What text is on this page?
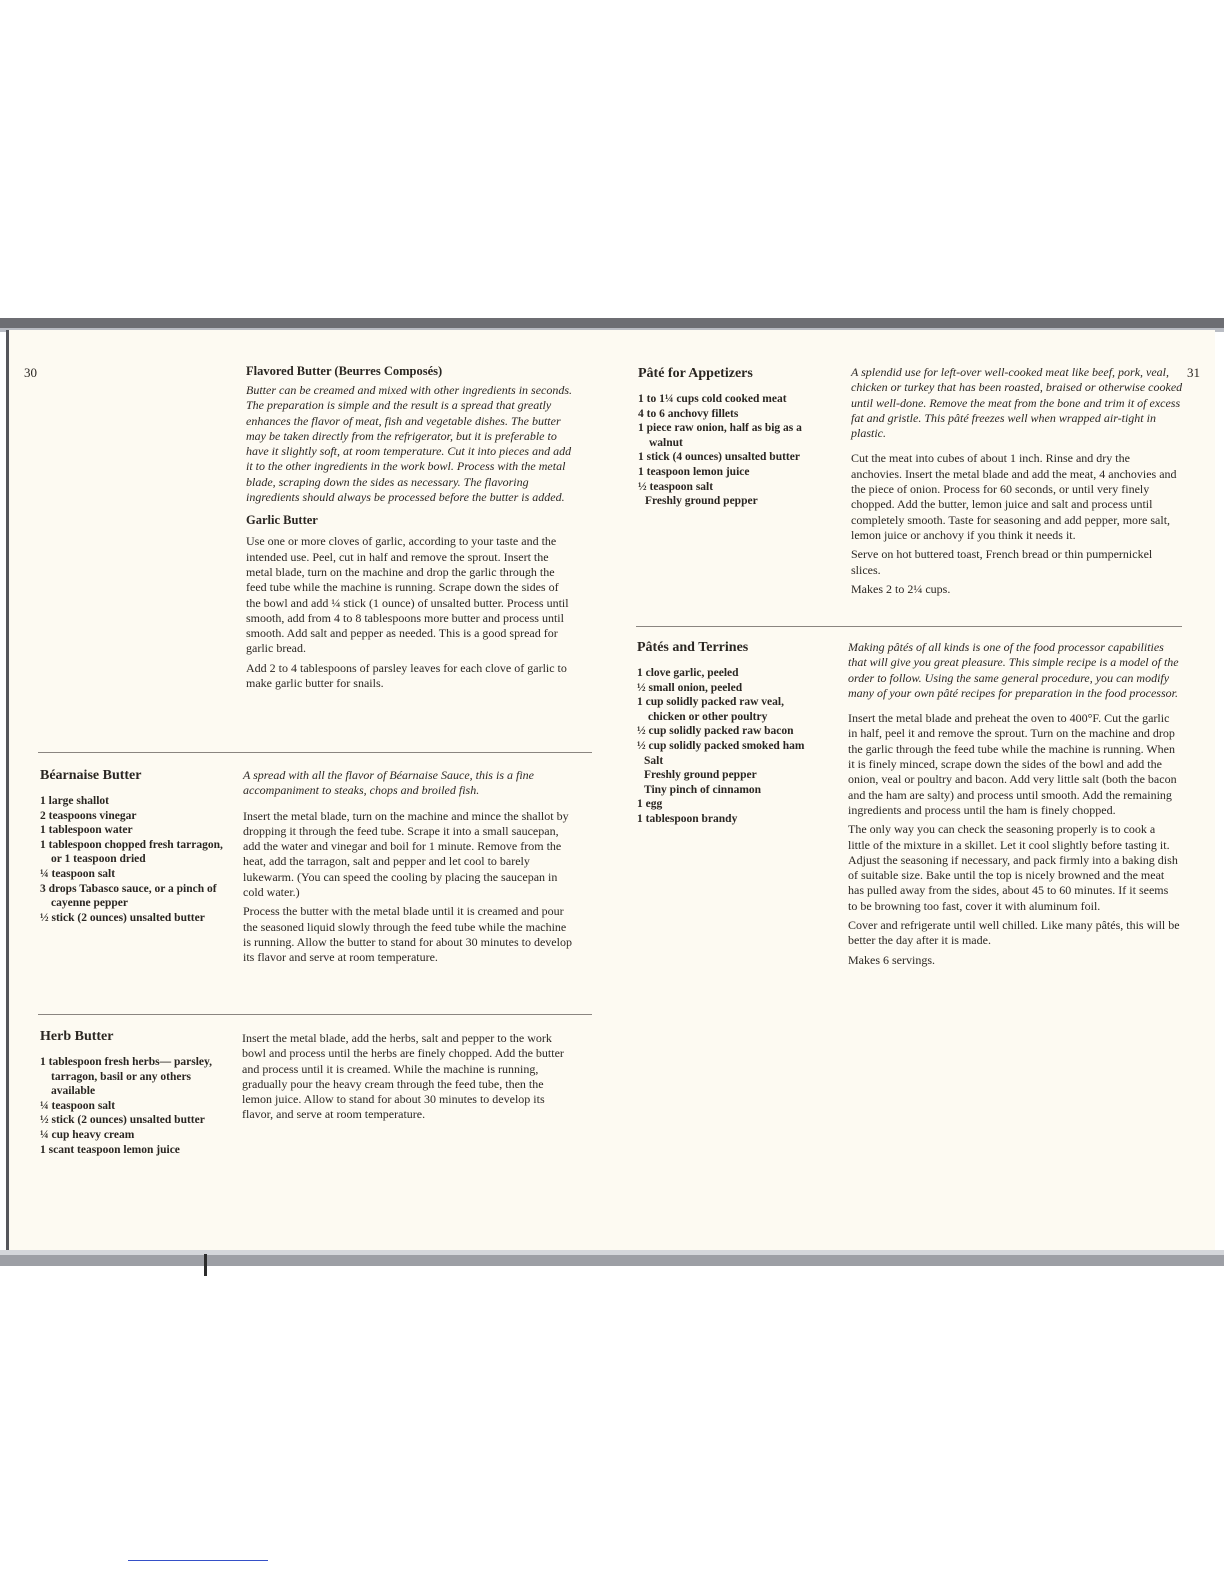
30	Flavored Butter (Beurres Composés)

Butter can be creamed and mixed with other ingredients in seconds. The preparation is simple and the result is a spread that greatly enhances the flavor of meat, fish and vegetable dishes. The butter may be taken directly from the refrigerator, but it is preferable to have it slightly soft, at room temperature. Cut it into pieces and add it to the other ingredients in the work bowl. Process with the metal blade, scraping down the sides as necessary. The flavoring ingredients should always be processed before the butter is added.

Garlic Butter

Use one or more cloves of garlic, according to your taste and the intended use. Peel, cut in half and remove the sprout. Insert the metal blade, turn on the machine and drop the garlic through the feed tube while the machine is running. Scrape down the sides of the bowl and add ¼ stick (1 ounce) of unsalted butter. Process until smooth, add from 4 to 8 tablespoons more butter and process until smooth. Add salt and pepper as needed. This is a good spread for garlic bread.

Add 2 to 4 tablespoons of parsley leaves for each clove of garlic to make garlic butter for snails.

Béarnaise Butter
1 large shallot
2 teaspoons vinegar
1 tablespoon water
1 tablespoon chopped fresh tarragon, or 1 teaspoon dried
¼ teaspoon salt
3 drops Tabasco sauce, or a pinch of cayenne pepper
½ stick (2 ounces) unsalted butter

A spread with all the flavor of Béarnaise Sauce, this is a fine accompaniment to steaks, chops and broiled fish.

Insert the metal blade, turn on the machine and mince the shallot by dropping it through the feed tube. Scrape it into a small saucepan, add the water and vinegar and boil for 1 minute. Remove from the heat, add the tarragon, salt and pepper and let cool to barely lukewarm. (You can speed the cooling by placing the saucepan in cold water.)

Process the butter with the metal blade until it is creamed and pour the seasoned liquid slowly through the feed tube while the machine is running. Allow the butter to stand for about 30 minutes to develop its flavor and serve at room temperature.

Herb Butter
1 tablespoon fresh herbs— parsley, tarragon, basil or any others available
¼ teaspoon salt
½ stick (2 ounces) unsalted butter
¼ cup heavy cream
1 scant teaspoon lemon juice

Insert the metal blade, add the herbs, salt and pepper to the work bowl and process until the herbs are finely chopped. Add the butter and process until it is creamed. While the machine is running, gradually pour the heavy cream through the feed tube, then the lemon juice. Allow to stand for about 30 minutes to develop its flavor, and serve at room temperature.

31
Pâté for Appetizers
1 to 1¼ cups cold cooked meat
4 to 6 anchovy fillets
1 piece raw onion, half as big as a walnut
1 stick (4 ounces) unsalted butter
1 teaspoon lemon juice
½ teaspoon salt
Freshly ground pepper

A splendid use for left-over well-cooked meat like beef, pork, veal, chicken or turkey that has been roasted, braised or otherwise cooked until well-done. Remove the meat from the bone and trim it of excess fat and gristle. This pâté freezes well when wrapped air-tight in plastic.

Cut the meat into cubes of about 1 inch. Rinse and dry the anchovies. Insert the metal blade and add the meat, 4 anchovies and the piece of onion. Process for 60 seconds, or until very finely chopped. Add the butter, lemon juice and salt and process until completely smooth. Taste for seasoning and add pepper, more salt, lemon juice or anchovy if you think it needs it.

Serve on hot buttered toast, French bread or thin pumpernickel slices.

Makes 2 to 2¼ cups.

Pâtés and Terrines
1 clove garlic, peeled
½ small onion, peeled
1 cup solidly packed raw veal, chicken or other poultry
½ cup solidly packed raw bacon
½ cup solidly packed smoked ham
Salt
Freshly ground pepper
Tiny pinch of cinnamon
1 egg
1 tablespoon brandy

Making pâtés of all kinds is one of the food processor capabilities that will give you great pleasure. This simple recipe is a model of the order to follow. Using the same general procedure, you can modify many of your own pâté recipes for preparation in the food processor.

Insert the metal blade and preheat the oven to 400°F. Cut the garlic in half, peel it and remove the sprout. Turn on the machine and drop the garlic through the feed tube while the machine is running. When it is finely minced, scrape down the sides of the bowl and add the onion, veal or poultry and bacon. Add very little salt (both the bacon and the ham are salty) and process until smooth. Add the remaining ingredients and process until the ham is finely chopped.

The only way you can check the seasoning properly is to cook a little of the mixture in a skillet. Let it cool slightly before tasting it. Adjust the seasoning if necessary, and pack firmly into a baking dish of suitable size. Bake until the top is nicely browned and the meat has pulled away from the sides, about 45 to 60 minutes. If it seems to be browning too fast, cover it with aluminum foil.

Cover and refrigerate until well chilled. Like many pâtés, this will be better the day after it is made.

Makes 6 servings.
